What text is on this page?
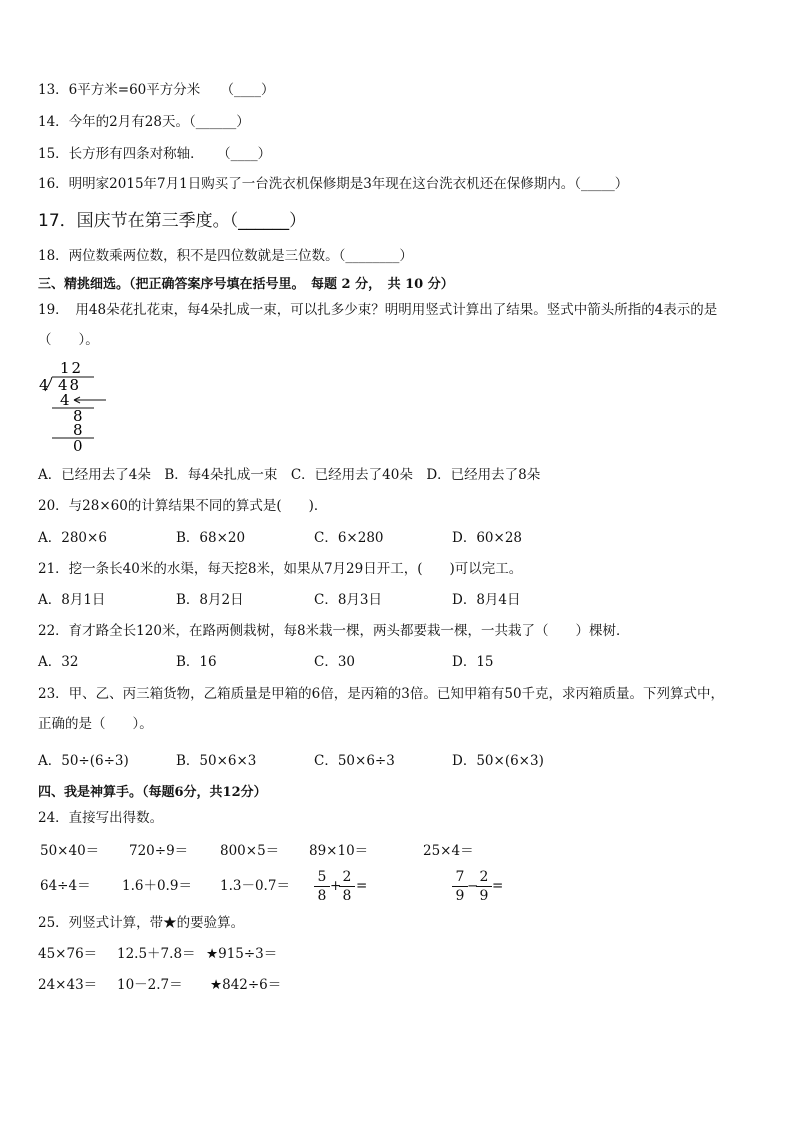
13．6平方米=60平方分米　　（____）
14．今年的2月有28天。（______）
15．长方形有四条对称轴．　　（____）
16．明明家2015年7月1日购买了一台洗衣机保修期是3年现在这台洗衣机还在保修期内。（_____）
17．国庆节在第三季度。（______）
18．两位数乘两位数，积不是四位数就是三位数。（________）
三、精挑细选。（把正确答案序号填在括号里。　每题 2 分，　共 10 分）
19．　用48朵花扎花束，每4朵扎成一束，可以扎多少束？明明用竖式计算出了结果。竖式中箭头所指的4表示的是
（　　）。
12
4 48
4
8
8
0
A．已经用去了4朵　B．每4朵扎成一束　C．已经用去了40朵　D．已经用去了8朵
20．与28×60的计算结果不同的算式是(　　)．
A．280×6	B．68×20	C．6×280	D．60×28
21．挖一条长40米的水渠，每天挖8米，如果从7月29日开工，(　　)可以完工。
A．8月1日	B．8月2日	C．8月3日	D．8月4日
22．育才路全长120米，在路两侧栽树，每8米栽一棵，两头都要栽一棵，一共栽了（　　）棵树．
A．32	B．16	C．30	D．15
23．甲、乙、丙三箱货物，乙箱质量是甲箱的6倍，是丙箱的3倍。已知甲箱有50千克，求丙箱质量。下列算式中，
正确的是（　　）。
A．50÷(6÷3)	B．50×6×3	C．50×6÷3	D．50×(6×3)
四、我是神算手。（每题6分，共12分）
24．直接写出得数。
50×40＝ 720÷9＝ 800×5＝ 89×10＝	25×4＝
64÷4＝ 1.6＋0.9＝ 1.3－0.7＝
5
8
+
2
8
=
7
9
−
2
9
=
25．列竖式计算，带★的要验算。
45×76＝ 12.5＋7.8＝ ★915÷3＝
24×43＝ 10－2.7＝ ★842÷6＝
